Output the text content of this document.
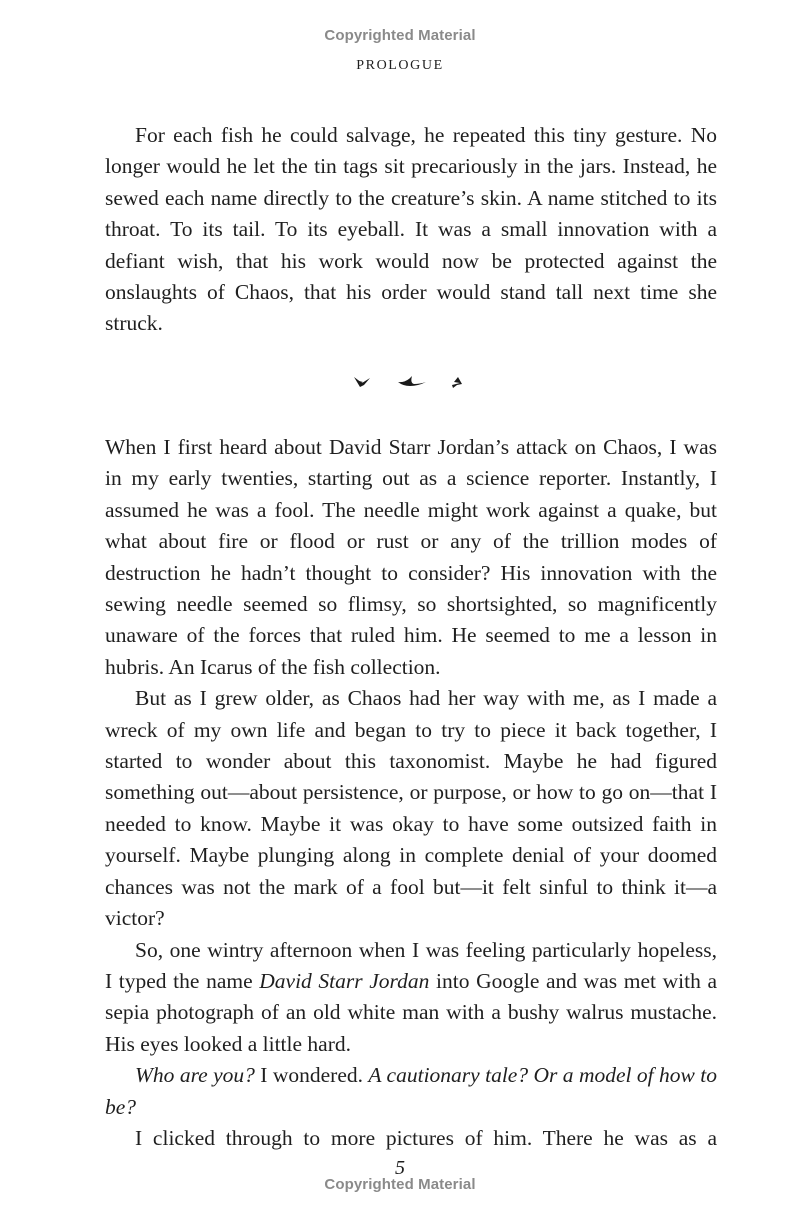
Copyrighted Material
PROLOGUE

For each fish he could salvage, he repeated this tiny gesture. No longer would he let the tin tags sit precariously in the jars. Instead, he sewed each name directly to the creature’s skin. A name stitched to its throat. To its tail. To its eyeball. It was a small innovation with a defiant wish, that his work would now be protected against the onslaughts of Chaos, that his order would stand tall next time she struck.

When I first heard about David Starr Jordan’s attack on Chaos, I was in my early twenties, starting out as a science reporter. Instantly, I assumed he was a fool. The needle might work against a quake, but what about fire or flood or rust or any of the trillion modes of destruction he hadn’t thought to consider? His innovation with the sewing needle seemed so flimsy, so shortsighted, so magnificently unaware of the forces that ruled him. He seemed to me a lesson in hubris. An Icarus of the fish collection.

But as I grew older, as Chaos had her way with me, as I made a wreck of my own life and began to try to piece it back together, I started to wonder about this taxonomist. Maybe he had figured something out—about persistence, or purpose, or how to go on—that I needed to know. Maybe it was okay to have some outsized faith in yourself. Maybe plunging along in complete denial of your doomed chances was not the mark of a fool but—it felt sinful to think it—a victor?

So, one wintry afternoon when I was feeling particularly hopeless, I typed the name David Starr Jordan into Google and was met with a sepia photograph of an old white man with a bushy walrus mustache. His eyes looked a little hard.

Who are you? I wondered. A cautionary tale? Or a model of how to be?

I clicked through to more pictures of him. There he was as a

5
Copyrighted Material
